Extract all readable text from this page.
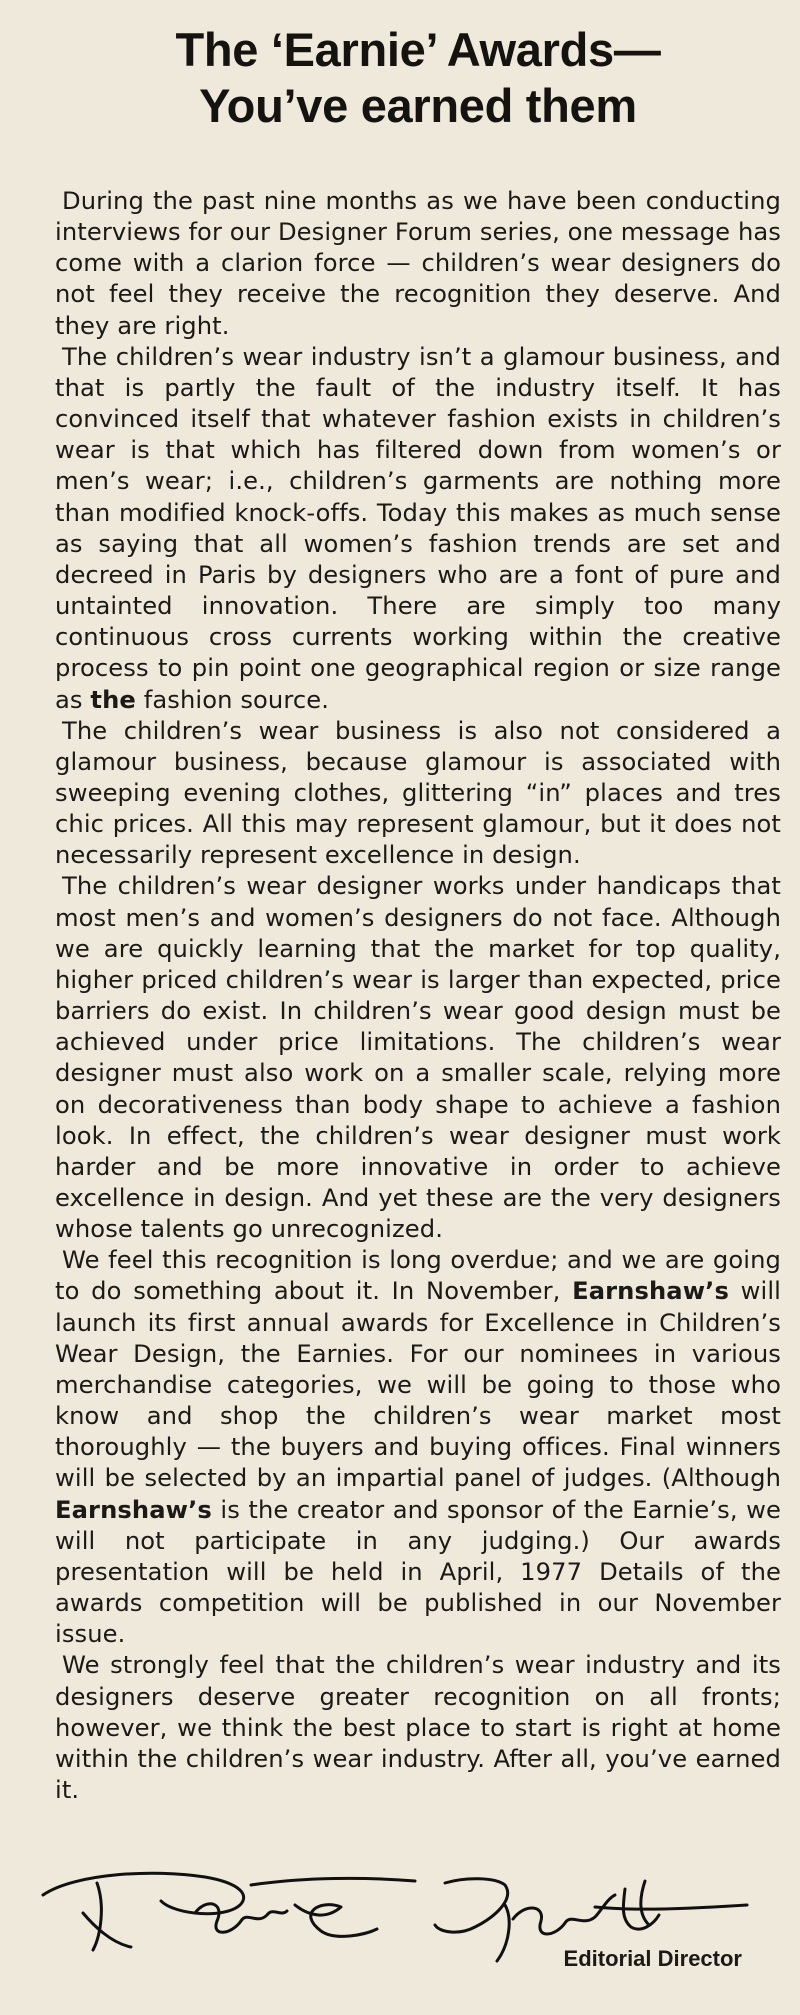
The ‘Earnie’ Awards—
You’ve earned them

During the past nine months as we have been conducting interviews for our Designer Forum series, one message has come with a clarion force — children’s wear designers do not feel they receive the recognition they deserve. And they are right.

The children’s wear industry isn’t a glamour business, and that is partly the fault of the industry itself. It has convinced itself that whatever fashion exists in children’s wear is that which has filtered down from women’s or men’s wear; i.e., children’s garments are nothing more than modified knock-offs. Today this makes as much sense as saying that all women’s fashion trends are set and decreed in Paris by designers who are a font of pure and untainted innovation. There are simply too many continuous cross currents working within the creative process to pin point one geographical region or size range as the fashion source.

The children’s wear business is also not considered a glamour business, because glamour is associated with sweeping evening clothes, glittering “in” places and tres chic prices. All this may represent glamour, but it does not necessarily represent excellence in design.

The children’s wear designer works under handicaps that most men’s and women’s designers do not face. Although we are quickly learning that the market for top quality, higher priced children’s wear is larger than expected, price barriers do exist. In children’s wear good design must be achieved under price limitations. The children’s wear designer must also work on a smaller scale, relying more on decorativeness than body shape to achieve a fashion look. In effect, the children’s wear designer must work harder and be more innovative in order to achieve excellence in design. And yet these are the very designers whose talents go unrecognized.

We feel this recognition is long overdue; and we are going to do something about it. In November, Earnshaw’s will launch its first annual awards for Excellence in Children’s Wear Design, the Earnies. For our nominees in various merchandise categories, we will be going to those who know and shop the children’s wear market most thoroughly — the buyers and buying offices. Final winners will be selected by an impartial panel of judges. (Although Earnshaw’s is the creator and sponsor of the Earnie’s, we will not participate in any judging.) Our awards presentation will be held in April, 1977 Details of the awards competition will be published in our November issue.

We strongly feel that the children’s wear industry and its designers deserve greater recognition on all fronts; however, we think the best place to start is right at home within the children’s wear industry. After all, you’ve earned it.

Editorial Director
